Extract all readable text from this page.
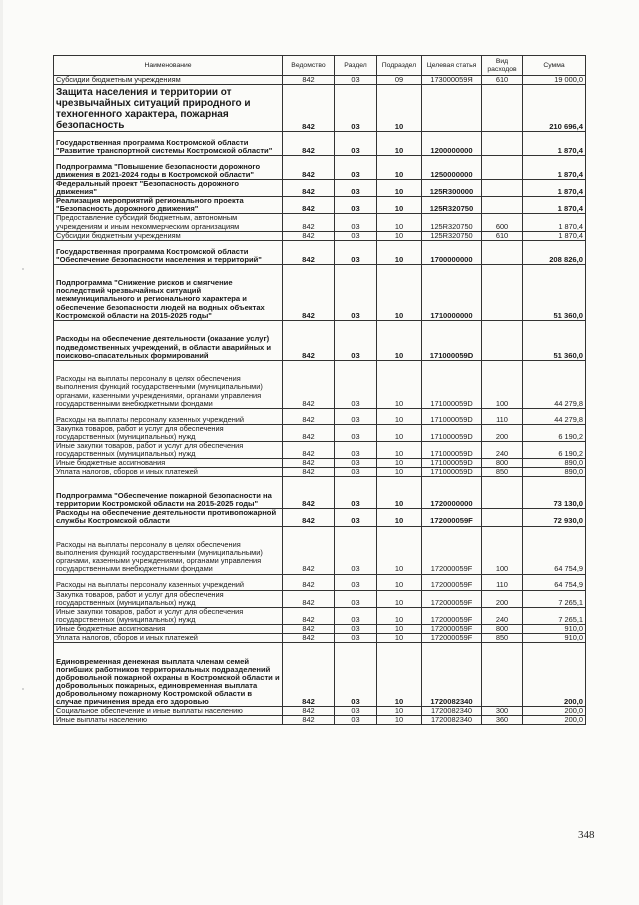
Наименование	Ведомство	Раздел	Подраздел	Целевая статья	Вид расходов	Сумма
Субсидии бюджетным учреждениям	842	03	09	173000059Я	610	19 000,0
Защита населения и территории от чрезвычайных ситуаций природного и техногенного характера, пожарная безопасность	842	03	10			210 696,4
Государственная программа Костромской области "Развитие транспортной системы Костромской области"	842	03	10	1200000000		1 870,4
Подпрограмма "Повышение безопасности дорожного движения в 2021-2024 годы в Костромской области"	842	03	10	1250000000		1 870,4
Федеральный проект "Безопасность дорожного движения"	842	03	10	125R300000		1 870,4
Реализация мероприятий регионального проекта "Безопасность дорожного движения"	842	03	10	125R320750		1 870,4
Предоставление субсидий бюджетным, автономным учреждениям и иным некоммерческим организациям	842	03	10	125R320750	600	1 870,4
Субсидии бюджетным учреждениям	842	03	10	125R320750	610	1 870,4
Государственная программа Костромской области "Обеспечение безопасности населения и территорий"	842	03	10	1700000000		208 826,0
Подпрограмма "Снижение рисков и смягчение последствий чрезвычайных ситуаций межмуниципального и регионального характера и обеспечение безопасности людей на водных объектах Костромской области на 2015-2025 годы"	842	03	10	1710000000		51 360,0
Расходы на обеспечение деятельности (оказание услуг) подведомственных учреждений, в области аварийных и поисково-спасательных формирований	842	03	10	171000059D		51 360,0
Расходы на выплаты персоналу в целях обеспечения выполнения функций государственными (муниципальными) органами, казенными учреждениями, органами управления государственными внебюджетными фондами	842	03	10	171000059D	100	44 279,8
Расходы на выплаты персоналу казенных учреждений	842	03	10	171000059D	110	44 279,8
Закупка товаров, работ и услуг для обеспечения государственных (муниципальных) нужд	842	03	10	171000059D	200	6 190,2
Иные закупки товаров, работ и услуг для обеспечения государственных (муниципальных) нужд	842	03	10	171000059D	240	6 190,2
Иные бюджетные ассигнования	842	03	10	171000059D	800	890,0
Уплата налогов, сборов и иных платежей	842	03	10	171000059D	850	890,0
Подпрограмма "Обеспечение пожарной безопасности на территории Костромской области на 2015-2025 годы"	842	03	10	1720000000		73 130,0
Расходы на обеспечение деятельности противопожарной службы Костромской области	842	03	10	172000059F		72 930,0
Расходы на выплаты персоналу в целях обеспечения выполнения функций государственными (муниципальными) органами, казенными учреждениями, органами управления государственными внебюджетными фондами	842	03	10	172000059F	100	64 754,9
Расходы на выплаты персоналу казенных учреждений	842	03	10	172000059F	110	64 754,9
Закупка товаров, работ и услуг для обеспечения государственных (муниципальных) нужд	842	03	10	172000059F	200	7 265,1
Иные закупки товаров, работ и услуг для обеспечения государственных (муниципальных) нужд	842	03	10	172000059F	240	7 265,1
Иные бюджетные ассигнования	842	03	10	172000059F	800	910,0
Уплата налогов, сборов и иных платежей	842	03	10	172000059F	850	910,0
Единовременная денежная выплата членам семей погибших работников территориальных подразделений добровольной пожарной охраны в Костромской области и добровольных пожарных, единовременная выплата добровольному пожарному Костромской области в случае причинения вреда его здоровью	842	03	10	1720082340		200,0
Социальное обеспечение и иные выплаты населению	842	03	10	1720082340	300	200,0
Иные выплаты населению	842	03	10	1720082340	360	200,0
348
